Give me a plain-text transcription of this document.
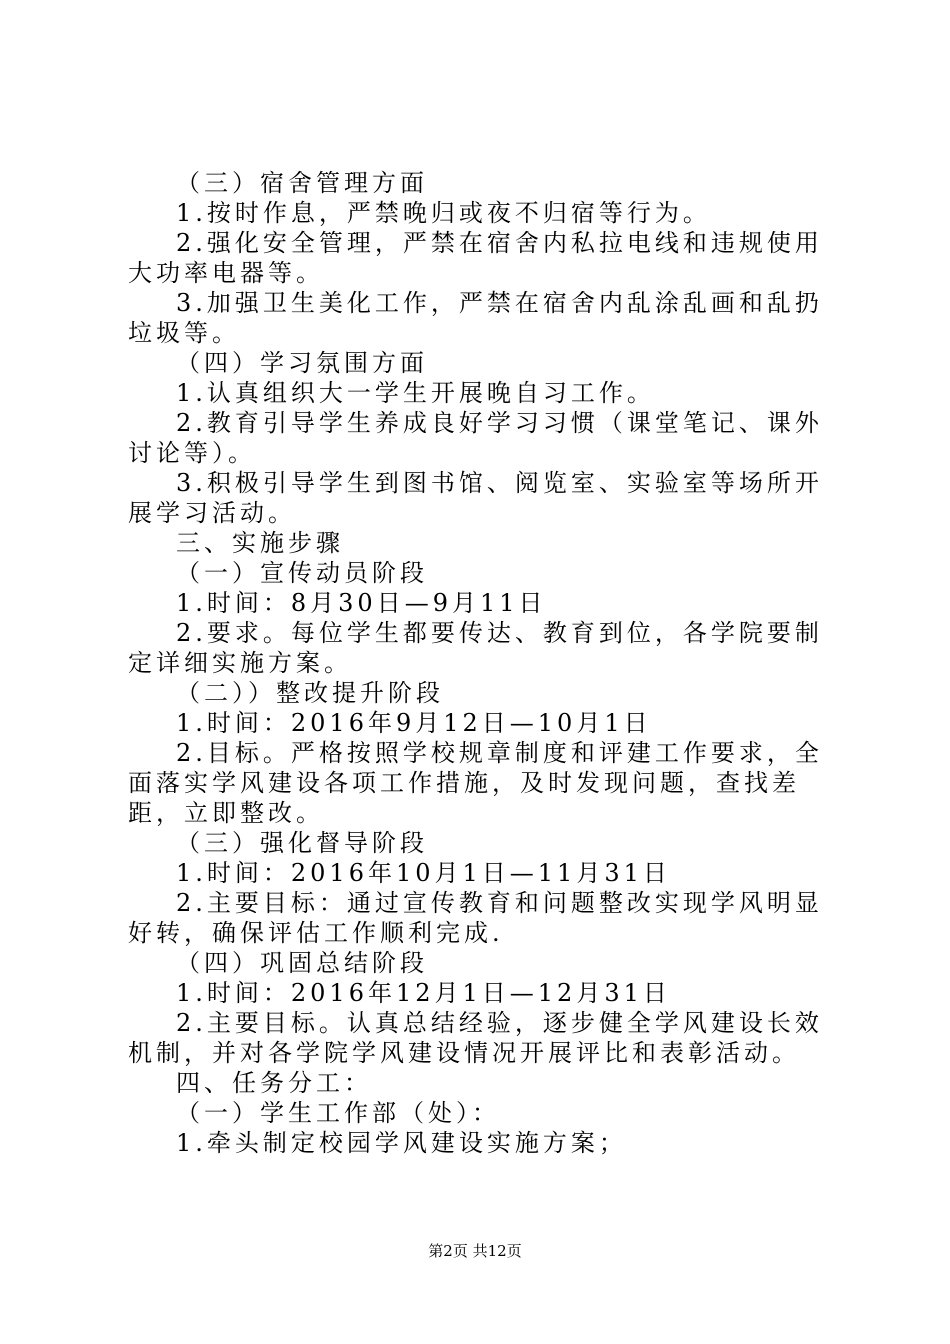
（三）宿舍管理方面

1.按时作息，严禁晚归或夜不归宿等行为。

2.强化安全管理，严禁在宿舍内私拉电线和违规使用大功率电器等。

3.加强卫生美化工作，严禁在宿舍内乱涂乱画和乱扔垃圾等。

（四）学习氛围方面

1.认真组织大一学生开展晚自习工作。

2.教育引导学生养成良好学习习惯（课堂笔记、课外讨论等）。

3.积极引导学生到图书馆、阅览室、实验室等场所开展学习活动。

三、实施步骤

（一）宣传动员阶段

1.时间：8月30日—9月11日

2.要求。每位学生都要传达、教育到位，各学院要制定详细实施方案。

（二））整改提升阶段

1.时间：2016年9月12日—10月1日

2.目标。严格按照学校规章制度和评建工作要求，全面落实学风建设各项工作措施，及时发现问题，查找差距，立即整改。

（三）强化督导阶段

1.时间：2016年10月1日—11月31日

2.主要目标：通过宣传教育和问题整改实现学风明显好转，确保评估工作顺利完成.

（四）巩固总结阶段

1.时间：2016年12月1日—12月31日

2.主要目标。认真总结经验，逐步健全学风建设长效机制，并对各学院学风建设情况开展评比和表彰活动。

四、任务分工：

（一）学生工作部（处）：

1.牵头制定校园学风建设实施方案；

第2页 共12页
